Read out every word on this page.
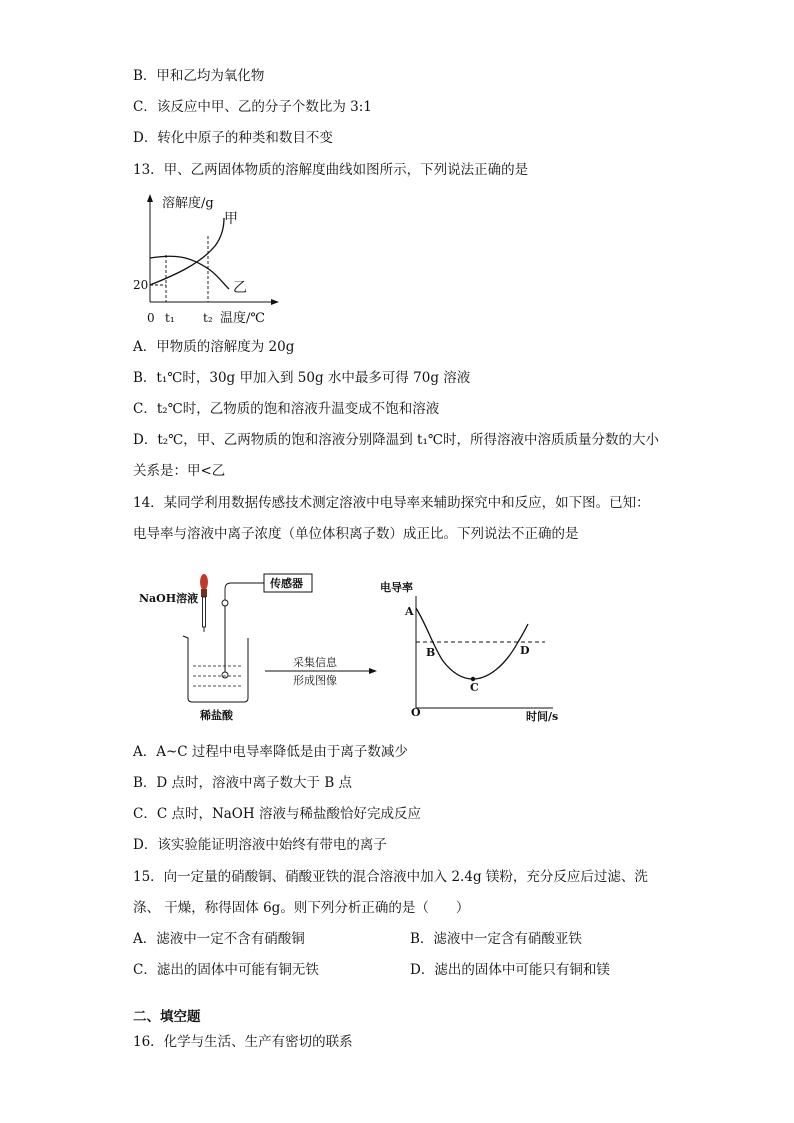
B．甲和乙均为氧化物
C．该反应中甲、乙的分子个数比为 3:1
D．转化中原子的种类和数目不变
13．甲、乙两固体物质的溶解度曲线如图所示，下列说法正确的是
溶解度/g
甲
乙
20
0 t₁ t₂ 温度/℃
A．甲物质的溶解度为 20g
B．t₁℃时，30g 甲加入到 50g 水中最多可得 70g 溶液
C．t₂℃时，乙物质的饱和溶液升温变成不饱和溶液
D．t₂℃，甲、乙两物质的饱和溶液分别降温到 t₁℃时，所得溶液中溶质质量分数的大小
关系是：甲<乙
14．某同学利用数据传感技术测定溶液中电导率来辅助探究中和反应，如下图。已知：
电导率与溶液中离子浓度（单位体积离子数）成正比。下列说法不正确的是
NaOH溶液
传感器
稀盐酸
采集信息
形成图像
电导率
时间/s
O
A
B
C
D
A．A~C 过程中电导率降低是由于离子数减少
B．D 点时，溶液中离子数大于 B 点
C．C 点时，NaOH 溶液与稀盐酸恰好完成反应
D．该实验能证明溶液中始终有带电的离子
15．向一定量的硝酸铜、硝酸亚铁的混合溶液中加入 2.4g 镁粉，充分反应后过滤、洗
涤、 干燥，称得固体 6g。则下列分析正确的是（　　）
A．滤液中一定不含有硝酸铜	B．滤液中一定含有硝酸亚铁
C．滤出的固体中可能有铜无铁	D．滤出的固体中可能只有铜和镁
二、填空题
16．化学与生活、生产有密切的联系
